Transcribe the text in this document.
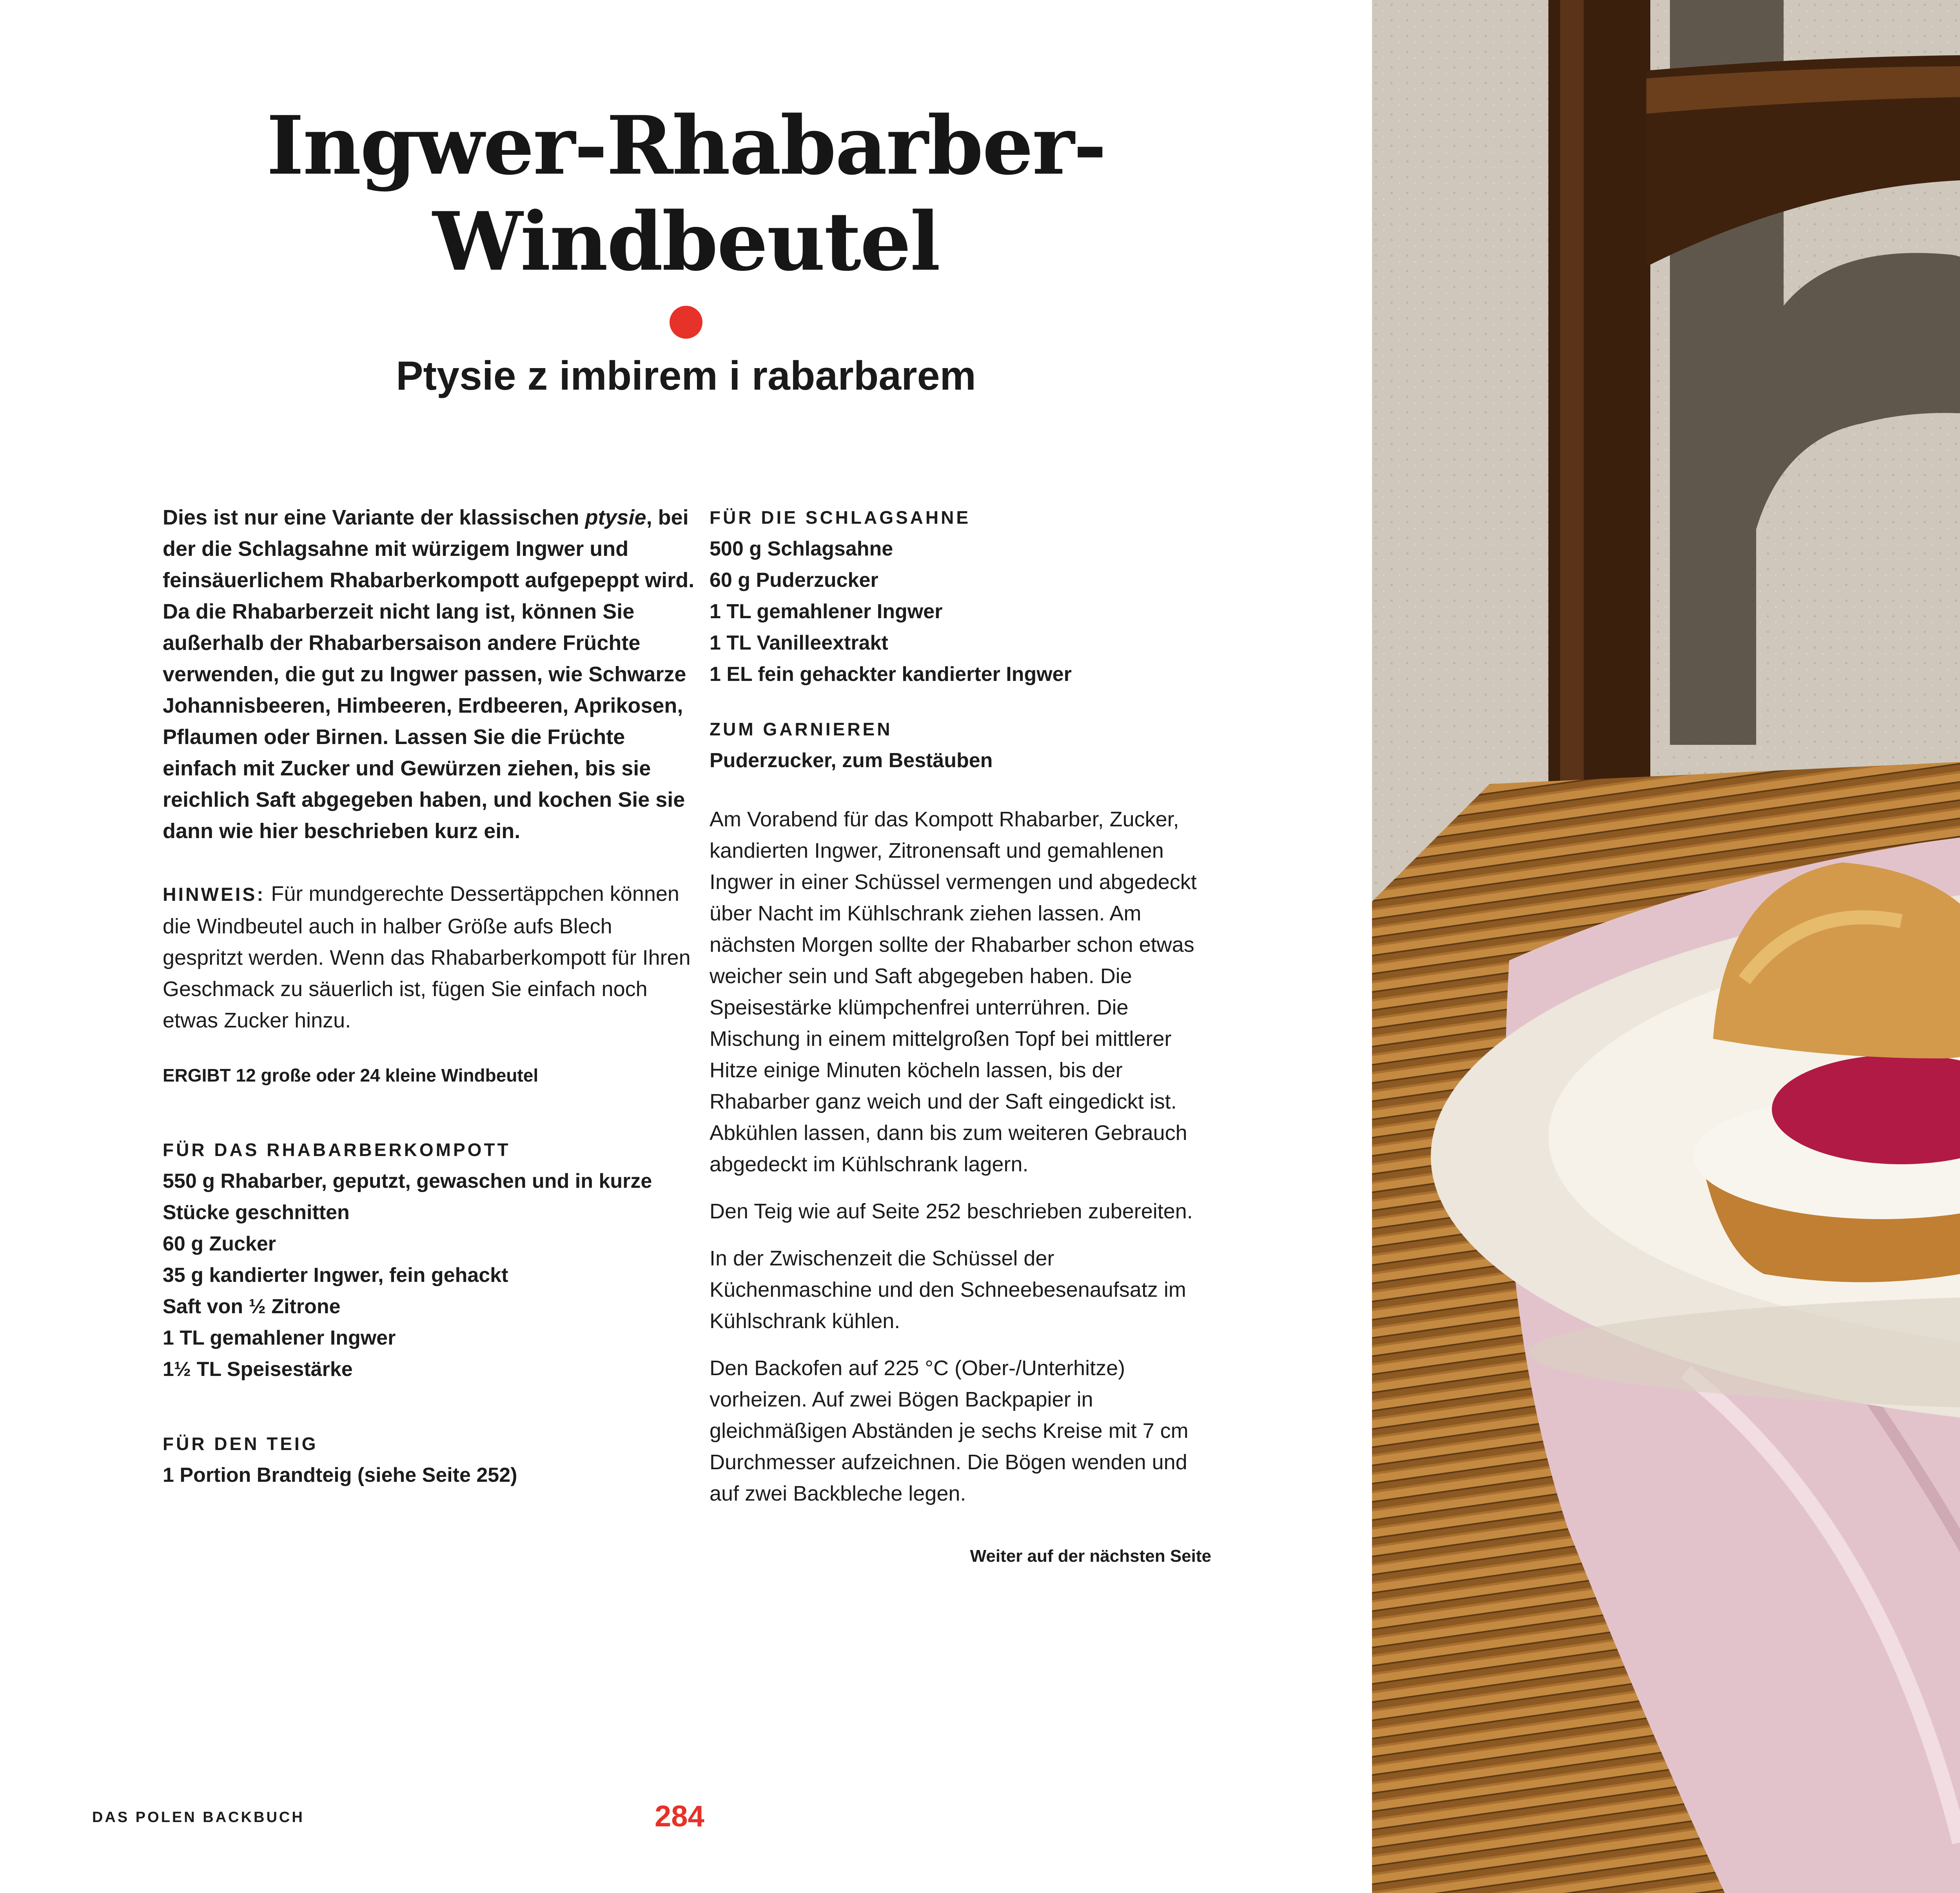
Ingwer-Rhabarber-
Windbeutel
Ptysie z imbirem i rabarbarem

Dies ist nur eine Variante der klassischen ptysie, bei der die Schlagsahne mit würzigem Ingwer und feinsäuerlichem Rhabarberkompott aufgepeppt wird. Da die Rhabarberzeit nicht lang ist, können Sie außerhalb der Rhabarbersaison andere Früchte verwenden, die gut zu Ingwer passen, wie Schwarze Johannisbeeren, Himbeeren, Erdbeeren, Aprikosen, Pflaumen oder Birnen. Lassen Sie die Früchte einfach mit Zucker und Gewürzen ziehen, bis sie reichlich Saft abgegeben haben, und kochen Sie sie dann wie hier beschrieben kurz ein.

HINWEIS: Für mundgerechte Dessertäppchen können die Windbeutel auch in halber Größe aufs Blech gespritzt werden. Wenn das Rhabarberkompott für Ihren Geschmack zu säuerlich ist, fügen Sie einfach noch etwas Zucker hinzu.

ERGIBT 12 große oder 24 kleine Windbeutel

FÜR DAS RHABARBERKOMPOTT
550 g Rhabarber, geputzt, gewaschen und in kurze Stücke geschnitten
60 g Zucker
35 g kandierter Ingwer, fein gehackt
Saft von ½ Zitrone
1 TL gemahlener Ingwer
1½ TL Speisestärke
FÜR DEN TEIG
1 Portion Brandteig (siehe Seite 252)
FÜR DIE SCHLAGSAHNE
500 g Schlagsahne
60 g Puderzucker
1 TL gemahlener Ingwer
1 TL Vanilleextrakt
1 EL fein gehackter kandierter Ingwer
ZUM GARNIEREN
Puderzucker, zum Bestäuben

Am Vorabend für das Kompott Rhabarber, Zucker, kandierten Ingwer, Zitronensaft und gemahlenen Ingwer in einer Schüssel vermengen und abgedeckt über Nacht im Kühlschrank ziehen lassen. Am nächsten Morgen sollte der Rhabarber schon etwas weicher sein und Saft abgegeben haben. Die Speisestärke klümpchenfrei unterrühren. Die Mischung in einem mittelgroßen Topf bei mittlerer Hitze einige Minuten köcheln lassen, bis der Rhabarber ganz weich und der Saft eingedickt ist. Abkühlen lassen, dann bis zum weiteren Gebrauch abgedeckt im Kühlschrank lagern.

Den Teig wie auf Seite 252 beschrieben zubereiten.

In der Zwischenzeit die Schüssel der Küchenmaschine und den Schneebesenaufsatz im Kühlschrank kühlen.

Den Backofen auf 225 °C (Ober-/Unterhitze) vorheizen. Auf zwei Bögen Backpapier in gleichmäßigen Abständen je sechs Kreise mit 7 cm Durchmesser aufzeichnen. Die Bögen wenden und auf zwei Backbleche legen.

Weiter auf der nächsten Seite

DAS POLEN BACKBUCH	284
